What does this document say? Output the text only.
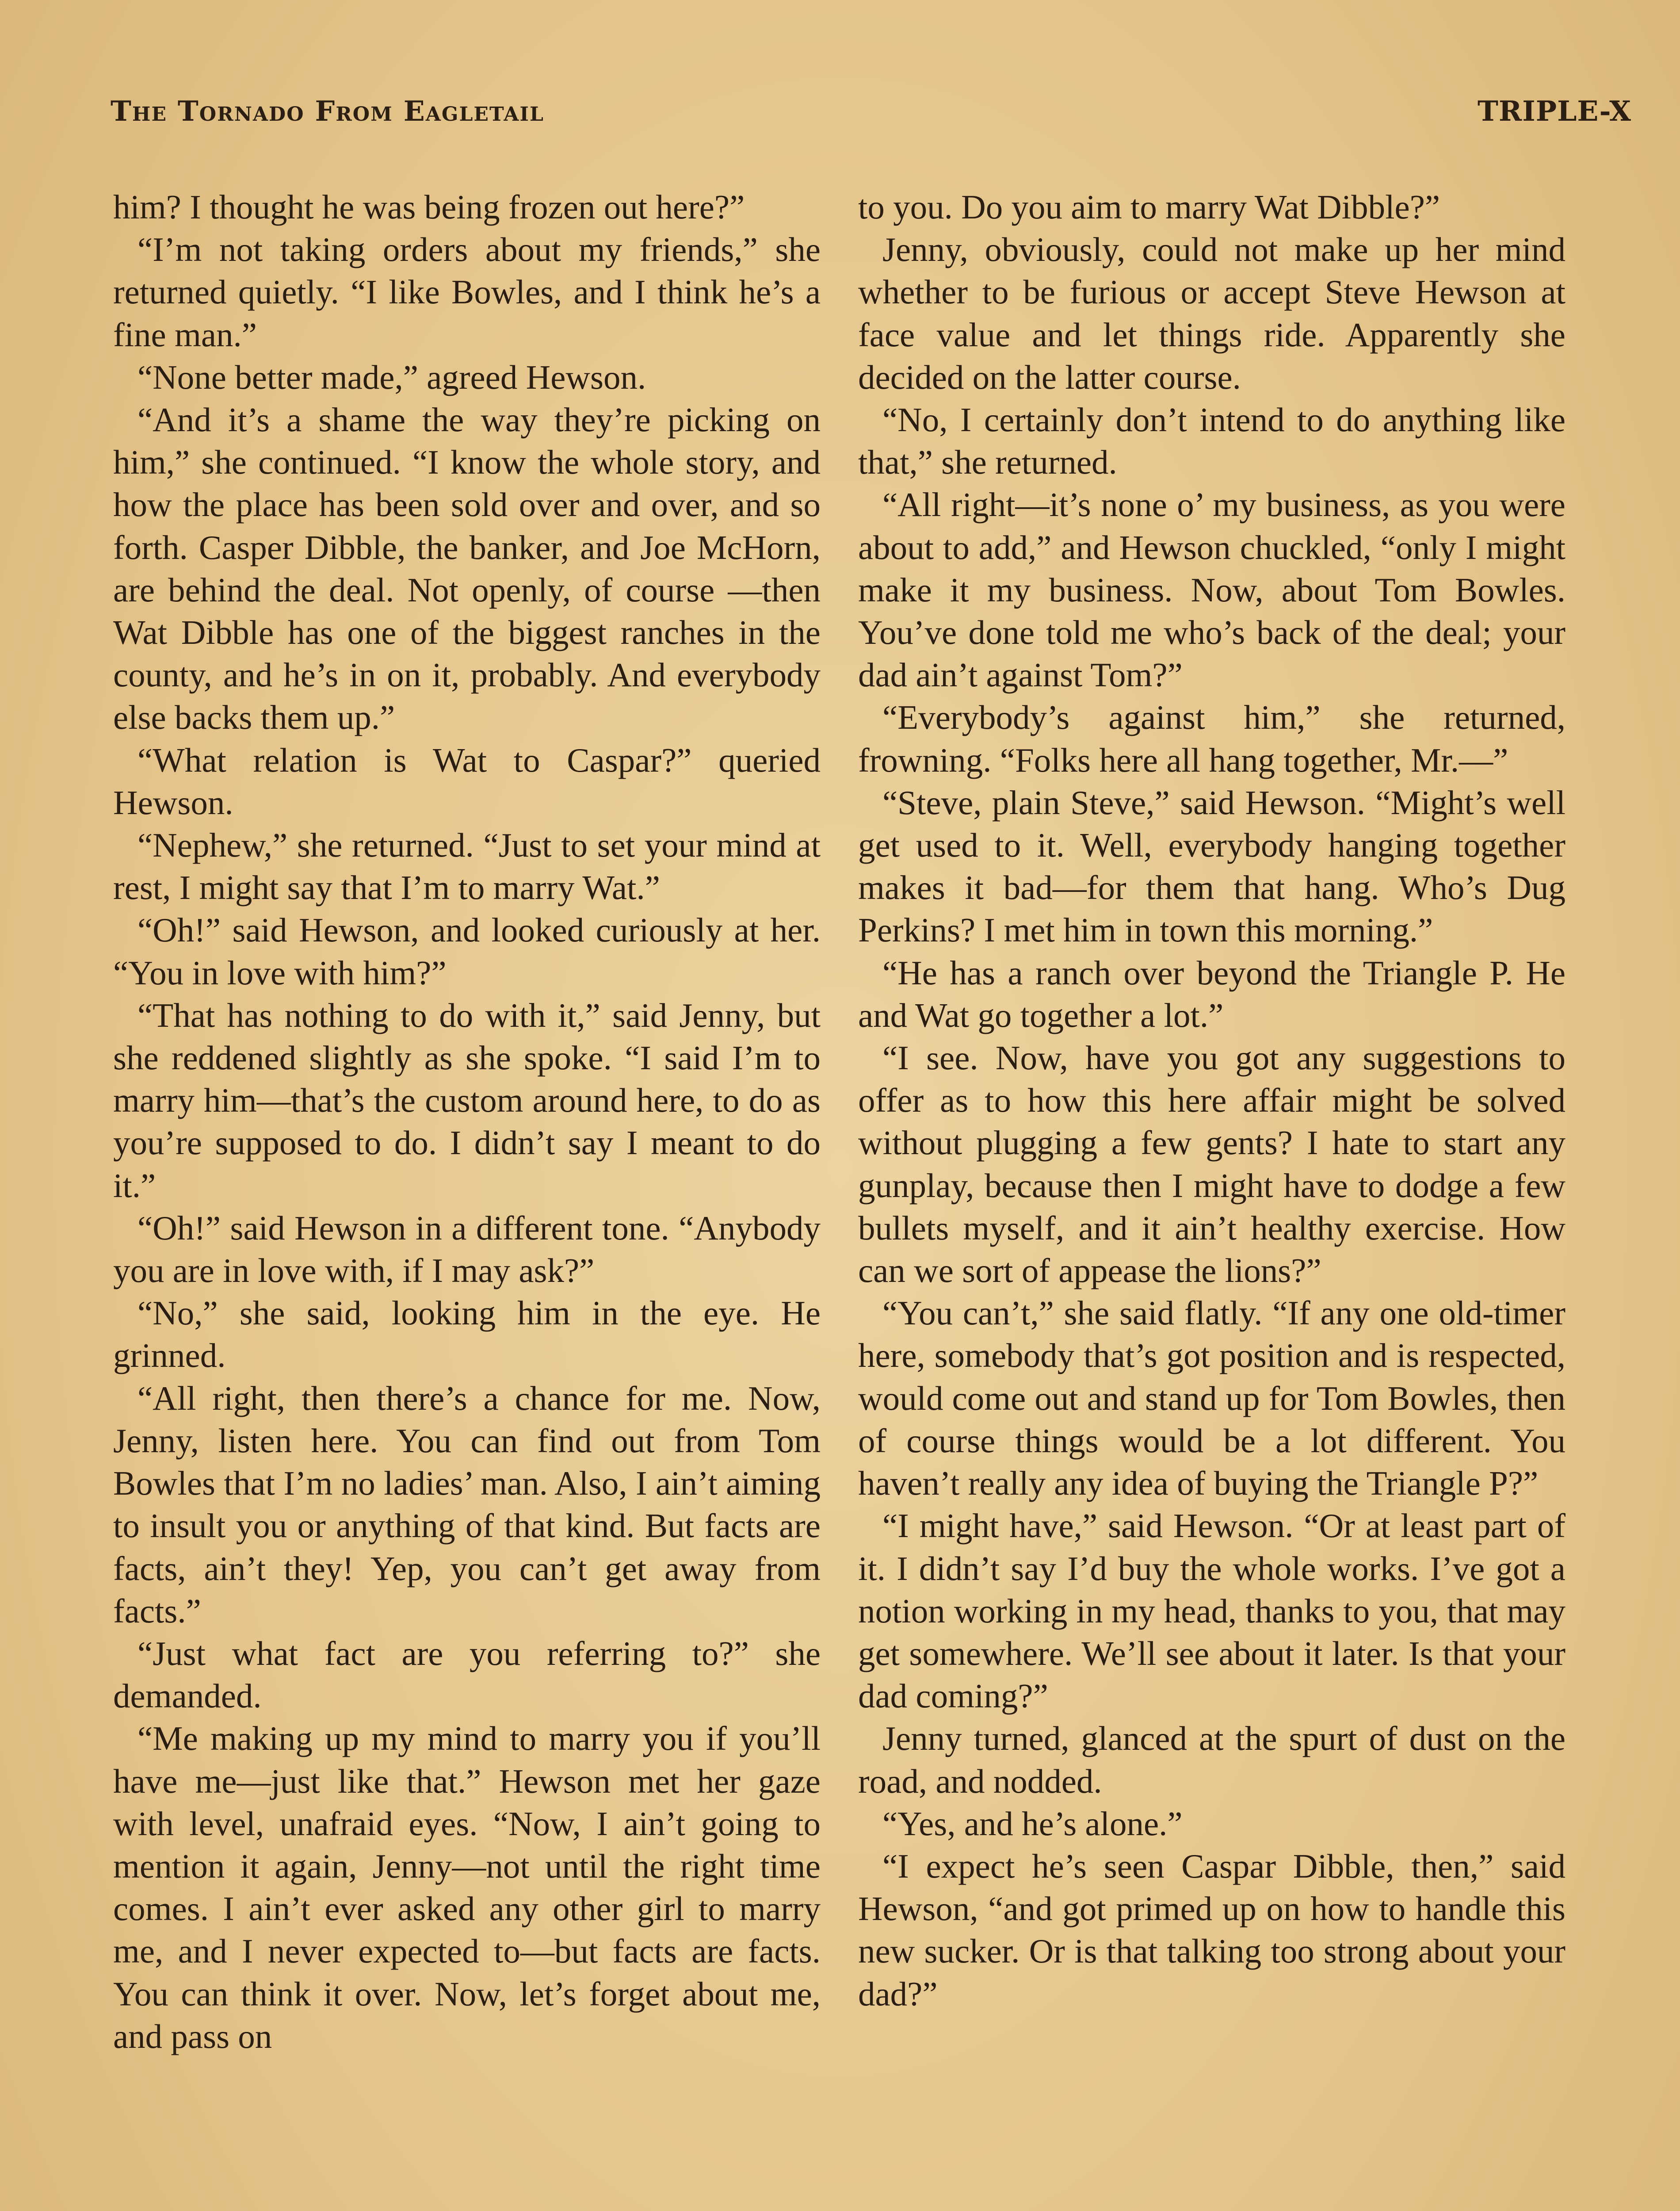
The Tornado From Eagletail	TRIPLE-X

him? I thought he was being frozen out here?”

“I’m not taking orders about my friends,” she returned quietly. “I like Bowles, and I think he’s a fine man.”

“None better made,” agreed Hewson.

“And it’s a shame the way they’re picking on him,” she continued. “I know the whole story, and how the place has been sold over and over, and so forth. Casper Dibble, the banker, and Joe McHorn, are behind the deal. Not openly, of course —then Wat Dibble has one of the biggest ranches in the county, and he’s in on it, probably. And everybody else backs them up.”

“What relation is Wat to Caspar?” queried Hewson.

“Nephew,” she returned. “Just to set your mind at rest, I might say that I’m to marry Wat.”

“Oh!” said Hewson, and looked curiously at her. “You in love with him?”

“That has nothing to do with it,” said Jenny, but she reddened slightly as she spoke. “I said I’m to marry him—that’s the custom around here, to do as you’re supposed to do. I didn’t say I meant to do it.”

“Oh!” said Hewson in a different tone. “Anybody you are in love with, if I may ask?”

“No,” she said, looking him in the eye. He grinned.

“All right, then there’s a chance for me. Now, Jenny, listen here. You can find out from Tom Bowles that I’m no ladies’ man. Also, I ain’t aiming to insult you or anything of that kind. But facts are facts, ain’t they! Yep, you can’t get away from facts.”

“Just what fact are you referring to?” she demanded.

“Me making up my mind to marry you if you’ll have me—just like that.” Hewson met her gaze with level, unafraid eyes. “Now, I ain’t going to mention it again, Jenny—not until the right time comes. I ain’t ever asked any other girl to marry me, and I never expected to—but facts are facts. You can think it over. Now, let’s forget about me, and pass on

to you. Do you aim to marry Wat Dibble?”

Jenny, obviously, could not make up her mind whether to be furious or accept Steve Hewson at face value and let things ride. Apparently she decided on the latter course.

“No, I certainly don’t intend to do anything like that,” she returned.

“All right—it’s none o’ my business, as you were about to add,” and Hewson chuckled, “only I might make it my business. Now, about Tom Bowles. You’ve done told me who’s back of the deal; your dad ain’t against Tom?”

“Everybody’s against him,” she returned, frowning. “Folks here all hang together, Mr.—”

“Steve, plain Steve,” said Hewson. “Might’s well get used to it. Well, everybody hanging together makes it bad—for them that hang. Who’s Dug Perkins? I met him in town this morning.”

“He has a ranch over beyond the Triangle P. He and Wat go together a lot.”

“I see. Now, have you got any suggestions to offer as to how this here affair might be solved without plugging a few gents? I hate to start any gunplay, because then I might have to dodge a few bullets myself, and it ain’t healthy exercise. How can we sort of appease the lions?”

“You can’t,” she said flatly. “If any one old-timer here, somebody that’s got position and is respected, would come out and stand up for Tom Bowles, then of course things would be a lot different. You haven’t really any idea of buying the Triangle P?”

“I might have,” said Hewson. “Or at least part of it. I didn’t say I’d buy the whole works. I’ve got a notion working in my head, thanks to you, that may get somewhere. We’ll see about it later. Is that your dad coming?”

Jenny turned, glanced at the spurt of dust on the road, and nodded.

“Yes, and he’s alone.”

“I expect he’s seen Caspar Dibble, then,” said Hewson, “and got primed up on how to handle this new sucker. Or is that talking too strong about your dad?”
